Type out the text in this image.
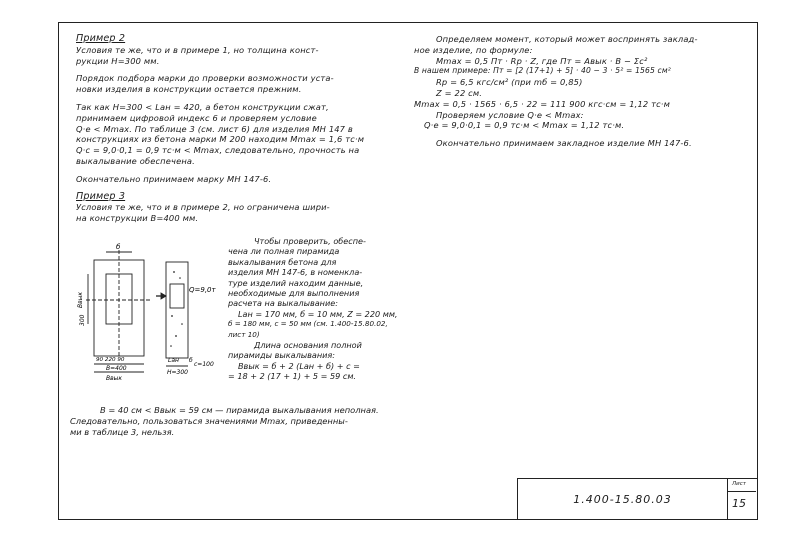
Пример 2

Условия те же, что и в примере 1, но толщина конст-

рукции H=300 мм.

Порядок подбора марки до проверки возможности уста-

новки изделия в конструкции остается прежним.

Так как H=300 < Lан = 420, а бетон конструкции сжат,

принимаем цифровой индекс 6 и проверяем условие

Q·e < Mmax. По таблице 3 (см. лист 6) для изделия МН 147 в

конструкциях из бетона марки М 200 находим Mmax = 1,6 тс·м

Q·c = 9,0·0,1 = 0,9 тс·м < Mmax, следовательно, прочность на

выкалывание обеспечена.

Окончательно принимаем марку МН 147-6.

Пример 3

Условия те же, что и в примере 2, но ограничена шири-

на конструкции B=400 мм.

б
Bвык
300
Q=9,0т
90 220 90
B=400
Bвык
Lан б
H=300
c=100

Чтобы проверить, обеспе-

чена ли полная пирамида

выкалывания бетона для

изделия МН 147-6, в номенкла-

туре изделий находим данные,

необходимые для выполнения

расчета на выкалывание:

Lан = 170 мм, б = 10 мм, Z = 220 мм,

б = 180 мм, c = 50 мм (см. 1.400-15.80.02, лист 10)

Длина основания полной

пирамиды выкалывания:

Bвык = б + 2 (Lан + б) + с =

= 18 + 2 (17 + 1) + 5 = 59 см.

B = 40 см < Bвык = 59 см — пирамида выкалывания неполная.

Следовательно, пользоваться значениями Mmax, приведенны-

ми в таблице 3, нельзя.

Определяем момент, который может воспринять заклад-

ное изделие, по формуле:

Mmax = 0,5 Пт · Rр · Z, где Пт = Aвык · B − Σc²

В нашем примере: Пт = [2 (17+1) + 5] · 40 − 3 · 5² = 1565 см²

Rр = 6,5 кгс/см² (при mб = 0,85)

Z = 22 см.

Mmax = 0,5 · 1565 · 6,5 · 22 = 111 900 кгс·см = 1,12 тс·м

Проверяем условие Q·e < Mmax:

Q·e = 9,0·0,1 = 0,9 тс·м < Mmax = 1,12 тс·м.

Окончательно принимаем закладное изделие МН 147-6.

1.400-15.80.03
Лист
15
